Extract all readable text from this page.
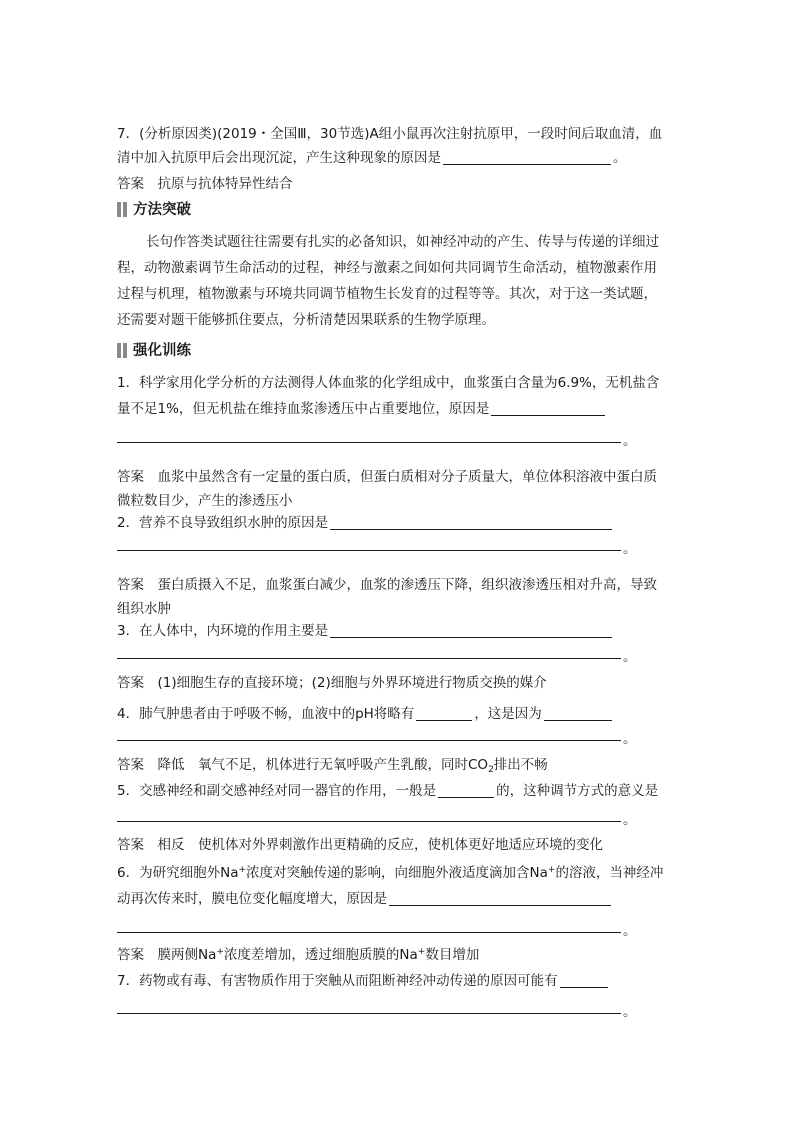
7．(分析原因类)(2019・全国Ⅲ，30节选)A组小鼠再次注射抗原甲，一段时间后取血清，血
清中加入抗原甲后会出现沉淀，产生这种现象的原因是	。
答案　抗原与抗体特异性结合
方法突破
长句作答类试题往往需要有扎实的必备知识，如神经冲动的产生、传导与传递的详细过
程，动物激素调节生命活动的过程，神经与激素之间如何共同调节生命活动，植物激素作用
过程与机理，植物激素与环境共同调节植物生长发育的过程等等。其次，对于这一类试题，
还需要对题干能够抓住要点，分析清楚因果联系的生物学原理。
强化训练
1．科学家用化学分析的方法测得人体血浆的化学组成中，血浆蛋白含量为6.9%，无机盐含
量不足1%，但无机盐在维持血浆渗透压中占重要地位，原因是
。
答案　血浆中虽然含有一定量的蛋白质，但蛋白质相对分子质量大，单位体积溶液中蛋白质
微粒数目少，产生的渗透压小
2．营养不良导致组织水肿的原因是
。
答案　蛋白质摄入不足，血浆蛋白减少，血浆的渗透压下降，组织液渗透压相对升高，导致
组织水肿
3．在人体中，内环境的作用主要是
。
答案　(1)细胞生存的直接环境；(2)细胞与外界环境进行物质交换的媒介
4．肺气肿患者由于呼吸不畅，血液中的pH将略有	，这是因为
。
答案　降低　氧气不足，机体进行无氧呼吸产生乳酸，同时$CO_2$排出不畅
5．交感神经和副交感神经对同一器官的作用，一般是	的，这种调节方式的意义是
。
答案　相反　使机体对外界刺激作出更精确的反应，使机体更好地适应环境的变化
6．为研究细胞外Na+浓度对突触传递的影响，向细胞外液适度滴加含Na+的溶液，当神经冲
动再次传来时，膜电位变化幅度增大，原因是
。
答案　膜两侧Na+浓度差增加，透过细胞质膜的Na+数目增加
7．药物或有毒、有害物质作用于突触从而阻断神经冲动传递的原因可能有
。
